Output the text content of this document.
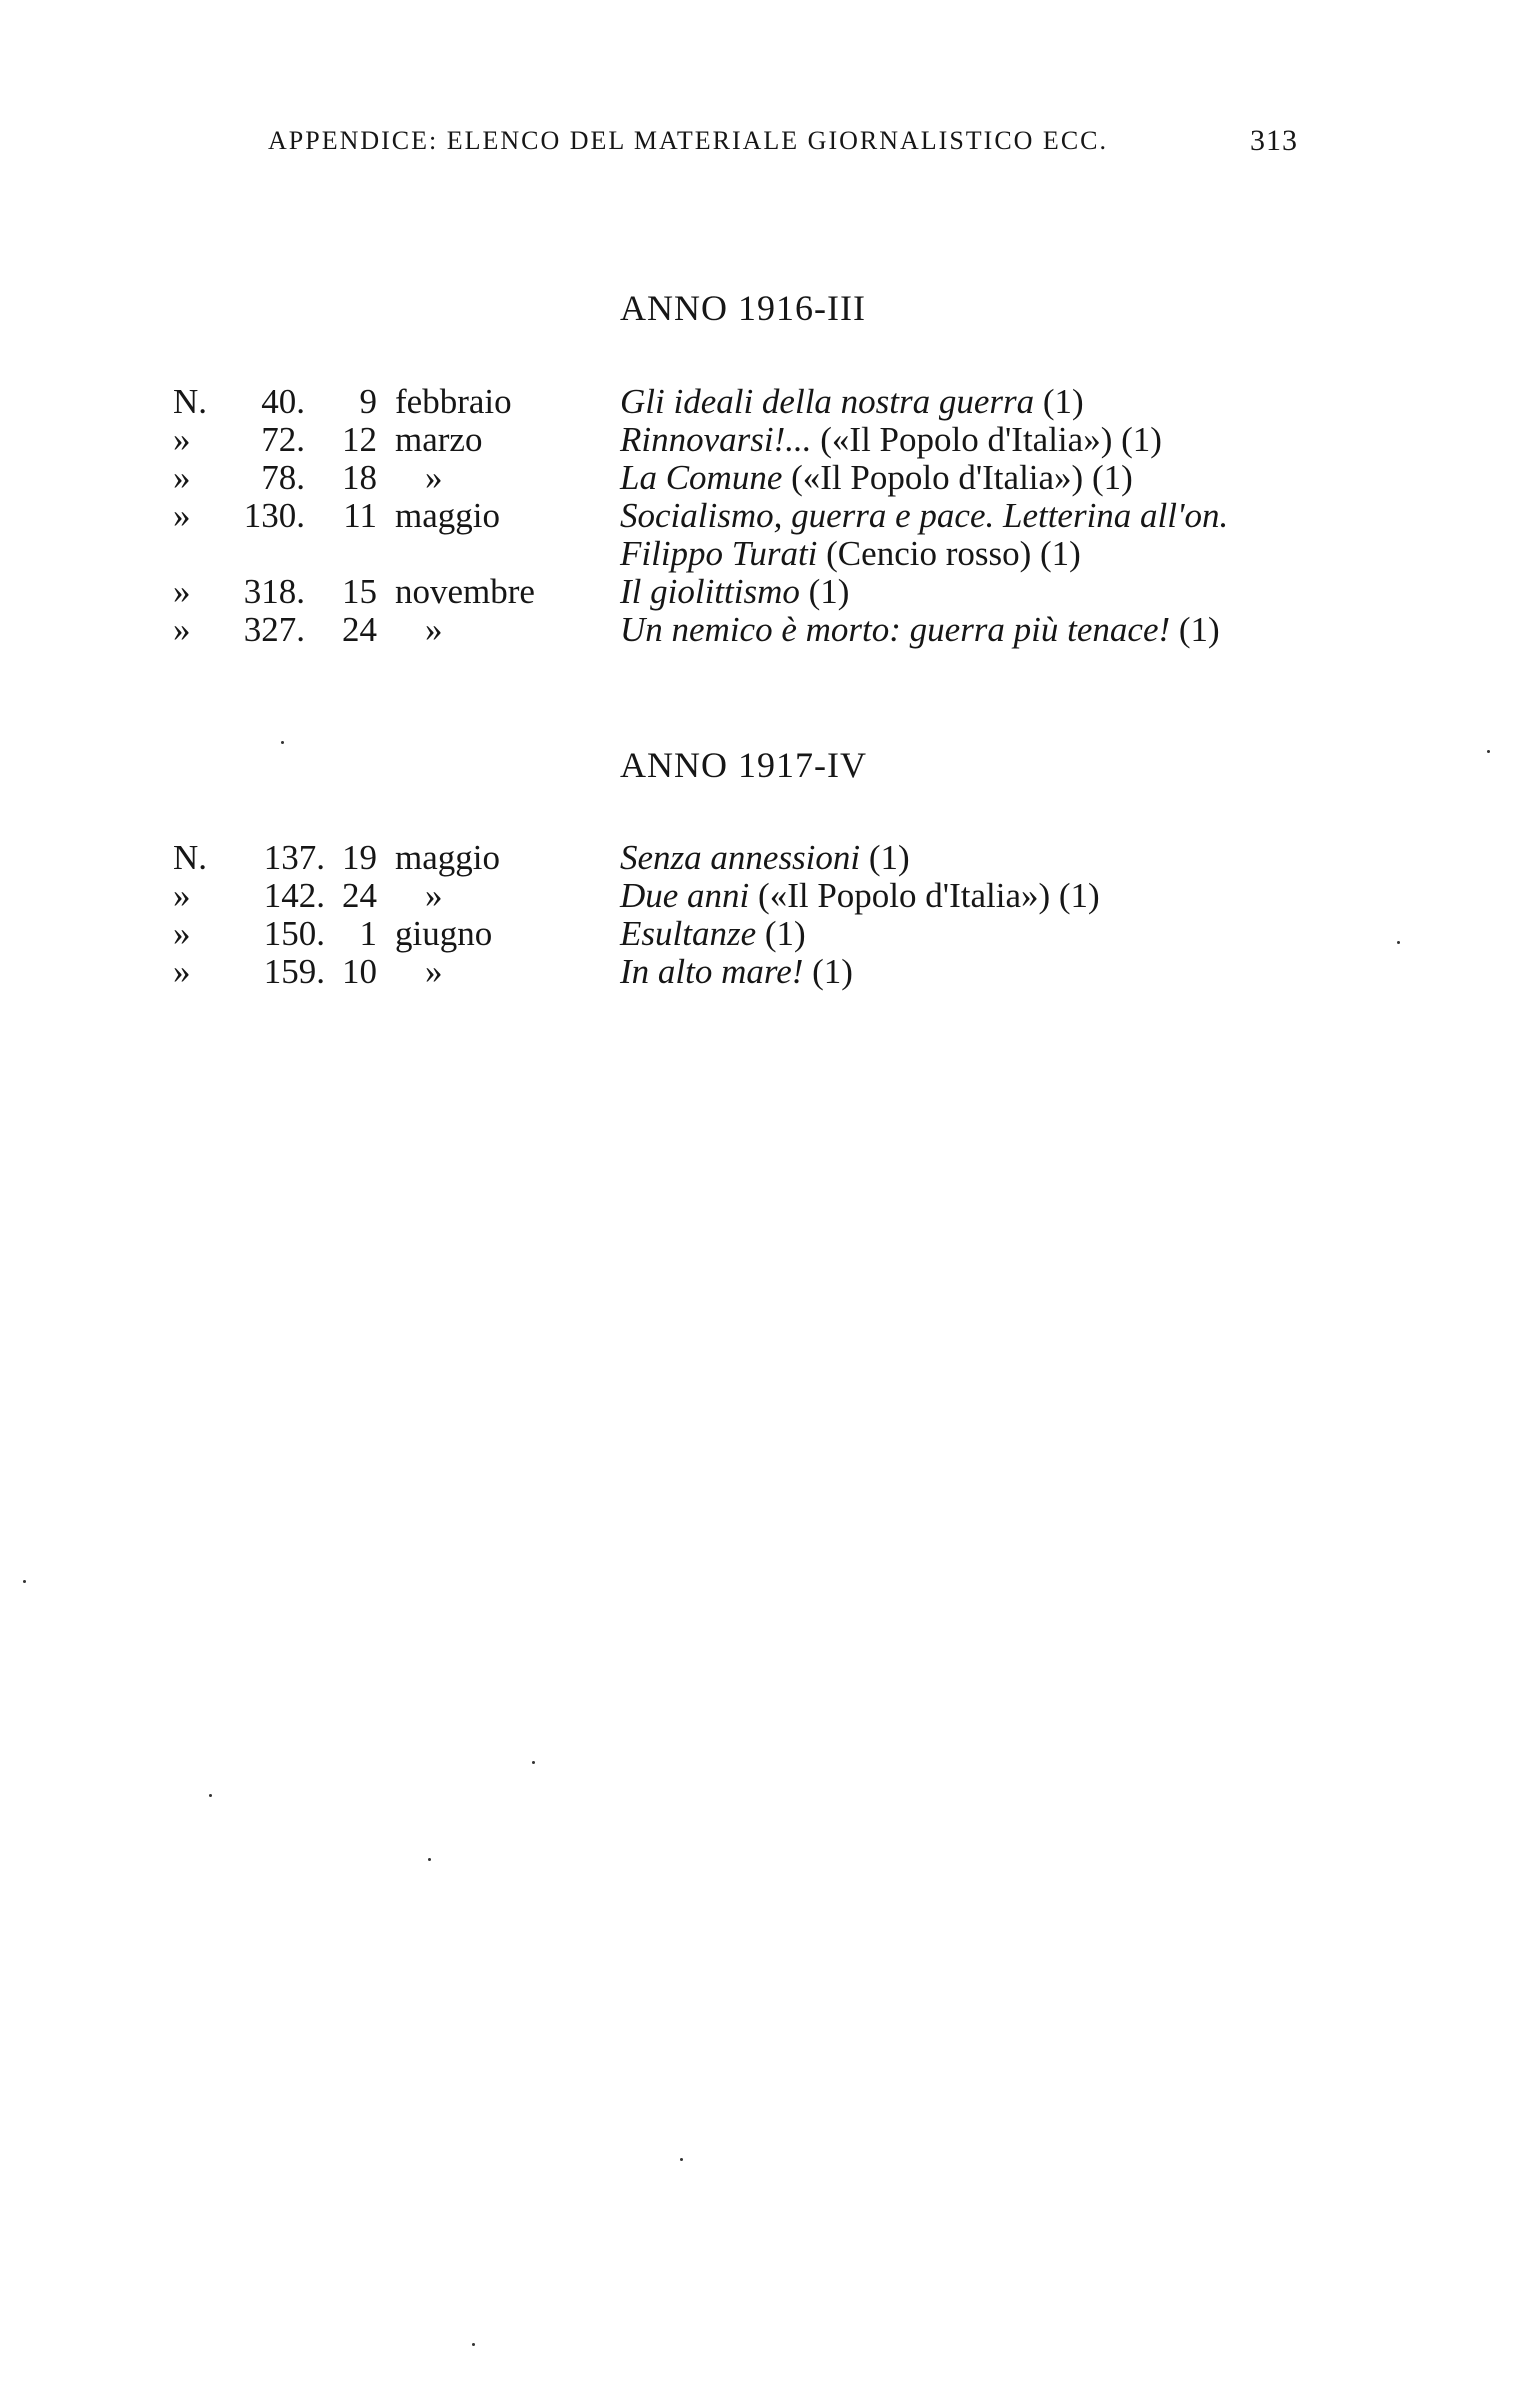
APPENDICE: ELENCO DEL MATERIALE GIORNALISTICO ECC.	313
ANNO 1916-III
N.	40.	9 febbraio	Gli ideali della nostra guerra (1)
»	72. 12 marzo	Rinnovarsi!... («Il Popolo d'Italia») (1)
»	78. 18 »	La Comune («Il Popolo d'Italia») (1)
»	130. 11 maggio	Socialismo, guerra e pace. Letterina all'on.
Filippo Turati (Cencio rosso) (1)
»	318. 15 novembre Il giolittismo (1)
»	327. 24 »	Un nemico è morto: guerra più tenace! (1)
ANNO 1917-IV
N.	137. 19 maggio	Senza annessioni (1)
»	142. 24 »	Due anni («Il Popolo d'Italia») (1)
»	150. 1 giugno	Esultanze (1)
»	159. 10 »	In alto mare! (1)
